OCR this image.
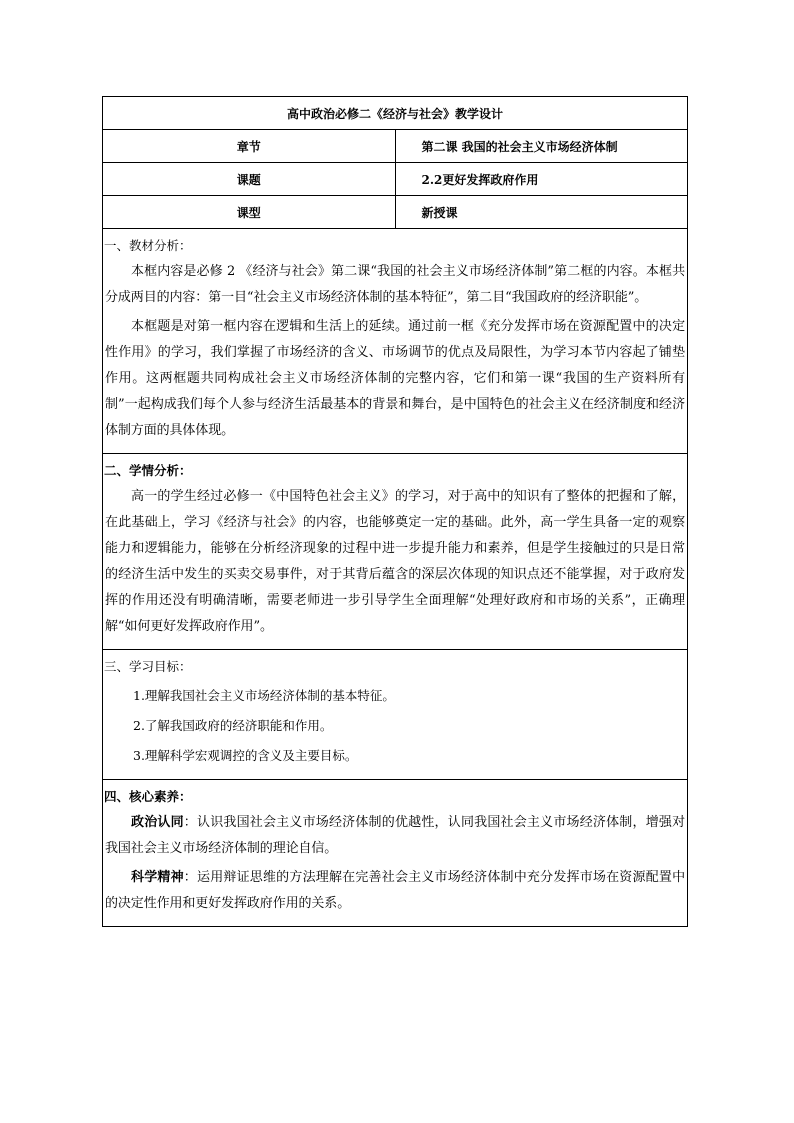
高中政治必修二《经济与社会》教学设计	
章节	第二课 我国的社会主义市场经济体制
课题	2.2更好发挥政府作用
课型	新授课

一、教材分析：

本框内容是必修 2 《经济与社会》第二课“我国的社会主义市场经济体制”第二框的内容。本框共分成两目的内容：第一目“社会主义市场经济体制的基本特征”，第二目“我国政府的经济职能”。

本框题是对第一框内容在逻辑和生活上的延续。通过前一框《充分发挥市场在资源配置中的决定性作用》的学习，我们掌握了市场经济的含义、市场调节的优点及局限性，为学习本节内容起了铺垫作用。这两框题共同构成社会主义市场经济体制的完整内容，它们和第一课“我国的生产资料所有制”一起构成我们每个人参与经济生活最基本的背景和舞台，是中国特色的社会主义在经济制度和经济体制方面的具体体现。	

二、学情分析：

高一的学生经过必修一《中国特色社会主义》的学习，对于高中的知识有了整体的把握和了解，在此基础上，学习《经济与社会》的内容，也能够奠定一定的基础。此外，高一学生具备一定的观察能力和逻辑能力，能够在分析经济现象的过程中进一步提升能力和素养，但是学生接触过的只是日常的经济生活中发生的买卖交易事件，对于其背后蕴含的深层次体现的知识点还不能掌握，对于政府发挥的作用还没有明确清晰，需要老师进一步引导学生全面理解“处理好政府和市场的关系”，正确理解“如何更好发挥政府作用”。	

三、学习目标：
1.理解我国社会主义市场经济体制的基本特征。
2.了解我国政府的经济职能和作用。
3.理解科学宏观调控的含义及主要目标。	

四、核心素养：

政治认同：认识我国社会主义市场经济体制的优越性，认同我国社会主义市场经济体制，增强对我国社会主义市场经济体制的理论自信。

科学精神：运用辩证思维的方法理解在完善社会主义市场经济体制中充分发挥市场在资源配置中的决定性作用和更好发挥政府作用的关系。	
